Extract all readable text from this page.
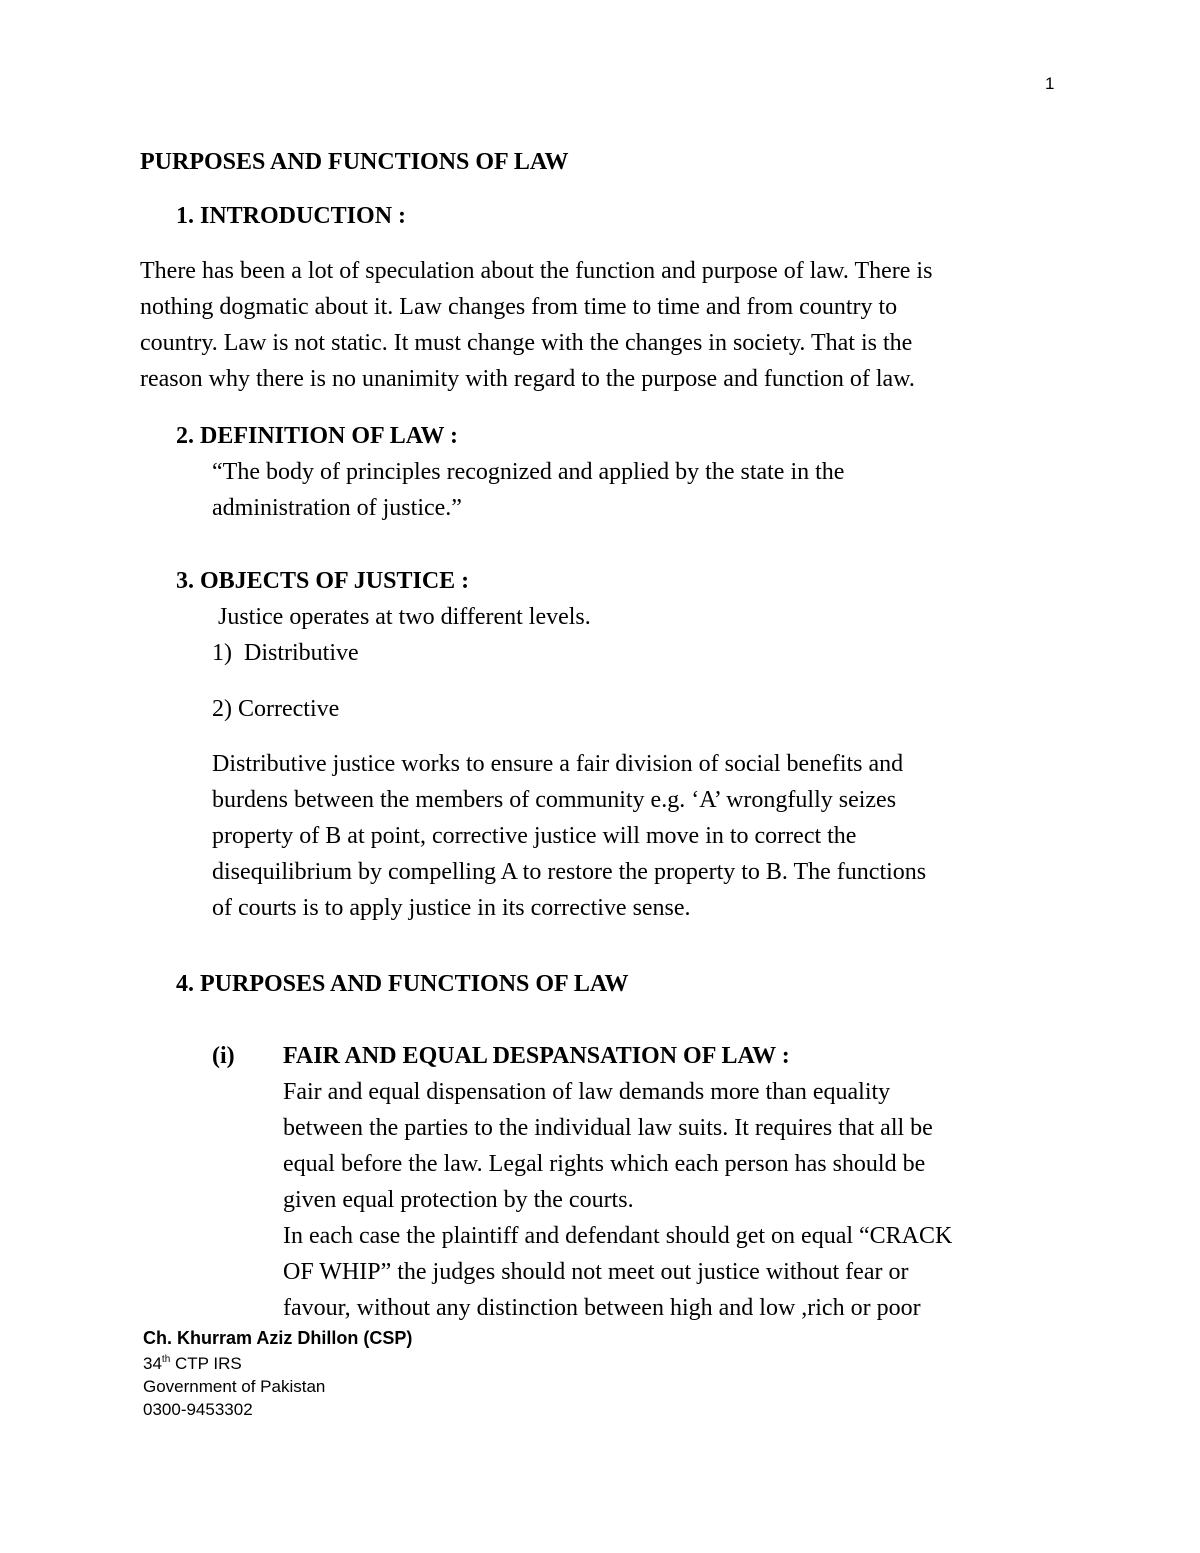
1
PURPOSES AND FUNCTIONS OF LAW
1. INTRODUCTION :
There has been a lot of speculation about the function and purpose of law. There is
nothing dogmatic about it. Law changes from time to time and from country to
country. Law is not static. It must change with the changes in society. That is the
reason why there is no unanimity with regard to the purpose and function of law.
2. DEFINITION OF LAW :
“The body of principles recognized and applied by the state in the
administration of justice.”
3. OBJECTS OF JUSTICE :
Justice operates at two different levels.
1)  Distributive
2) Corrective
Distributive justice works to ensure a fair division of social benefits and
burdens between the members of community e.g. ‘A’ wrongfully seizes
property of B at point, corrective justice will move in to correct the
disequilibrium by compelling A to restore the property to B. The functions
of courts is to apply justice in its corrective sense.
4. PURPOSES AND FUNCTIONS OF LAW
(i) FAIR AND EQUAL DESPANSATION OF LAW :
Fair and equal dispensation of law demands more than equality
between the parties to the individual law suits. It requires that all be
equal before the law. Legal rights which each person has should be
given equal protection by the courts.
In each case the plaintiff and defendant should get on equal “CRACK
OF WHIP” the judges should not meet out justice without fear or
favour, without any distinction between high and low ,rich or poor
Ch. Khurram Aziz Dhillon (CSP)
34th CTP IRS
Government of Pakistan
0300-9453302
